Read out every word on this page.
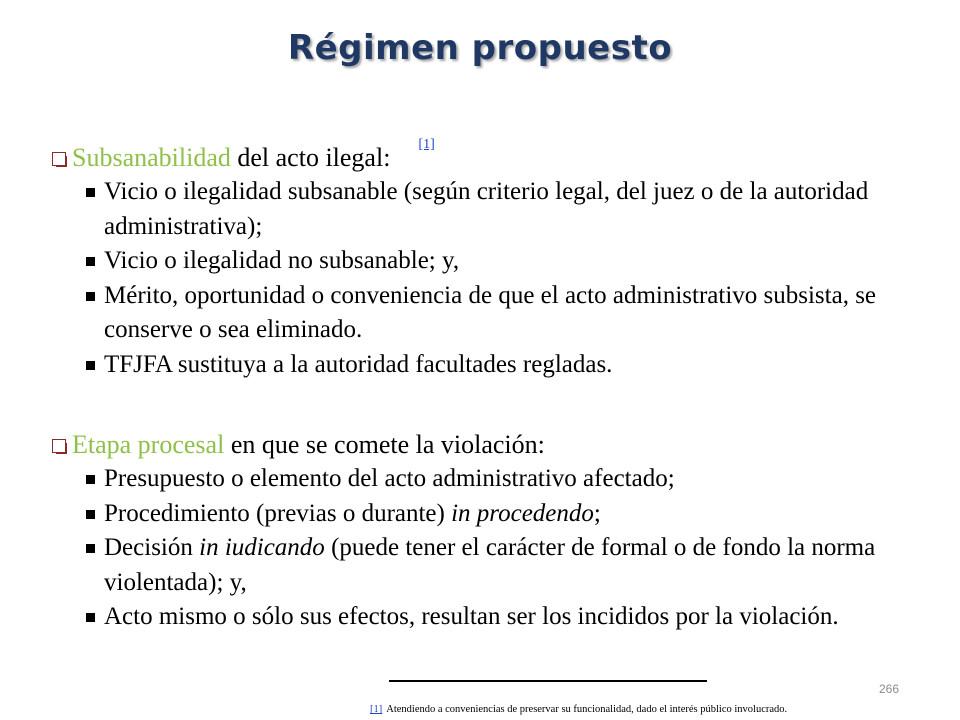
Régimen propuesto
Subsanabilidad del acto ilegal: [1]
Vicio o ilegalidad subsanable (según criterio legal, del juez o de la autoridad administrativa);
Vicio o ilegalidad no subsanable; y,
Mérito, oportunidad o conveniencia de que el acto administrativo subsista, se conserve o sea eliminado.
TFJFA sustituya a la autoridad facultades regladas.
Etapa procesal en que se comete la violación:
Presupuesto o elemento del acto administrativo afectado;
Procedimiento (previas o durante) in procedendo;
Decisión in iudicando (puede tener el carácter de formal o de fondo la norma violentada); y,
Acto mismo o sólo sus efectos, resultan ser los incididos por la violación.
266
[1] Atendiendo a conveniencias de preservar su funcionalidad, dado el interés público involucrado.
